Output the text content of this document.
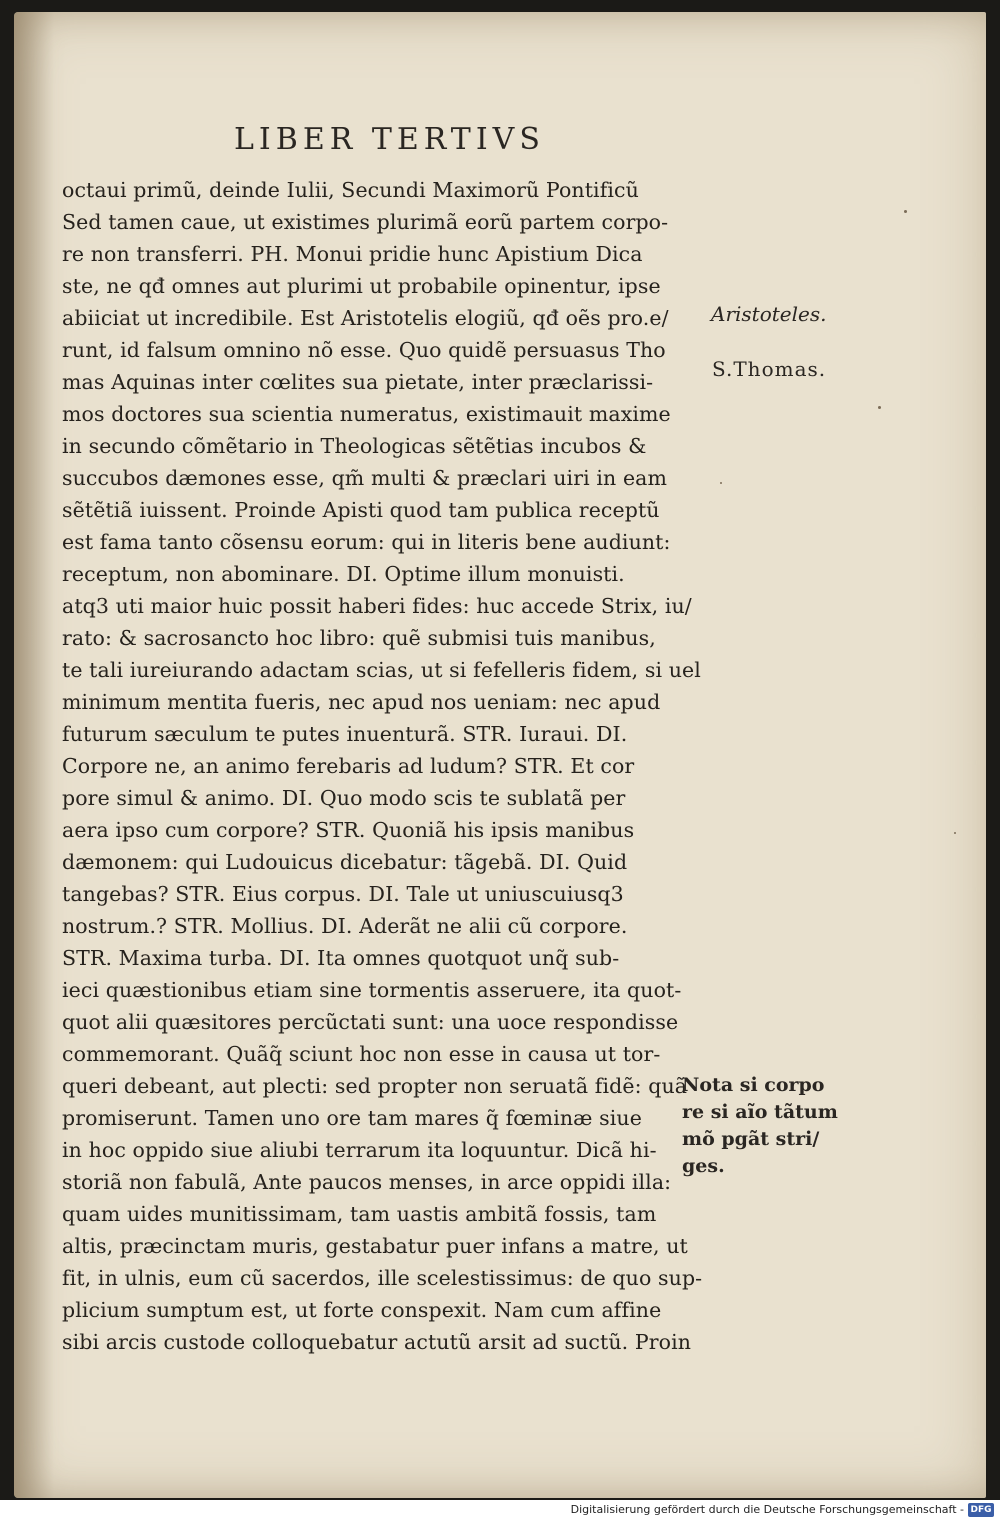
LIBER TERTIVS
octaui primũ, deinde Iulii, Secundi Maximorũ Pontificũ
Sed tamen caue, ut existimes plurimã eorũ partem corpo-
re non transferri. PH. Monui pridie hunc Apistium Dica
ste, ne qđ omnes aut plurimi ut probabile opinentur, ipse
abiiciat ut incredibile. Est Aristotelis elogiũ, qđ oẽs pro.e/
runt, id falsum omnino nõ esse. Quo quidẽ persuasus Tho
mas Aquinas inter cœlites sua pietate, inter præclarissi-
mos doctores sua scientia numeratus, existimauit maxime
in secundo cõmẽtario in Theologicas sẽtẽtias incubos &
succubos dæmones esse, qm̃ multi & præclari uiri in eam
sẽtẽtiã iuissent. Proinde Apisti quod tam publica receptũ
est fama tanto cõsensu eorum: qui in literis bene audiunt:
receptum, non abominare. DI. Optime illum monuisti.
atq3 uti maior huic possit haberi fides: huc accede Strix, iu/
rato: & sacrosancto hoc libro: quẽ submisi tuis manibus,
te tali iureiurando adactam scias, ut si fefelleris fidem, si uel
minimum mentita fueris, nec apud nos ueniam: nec apud
futurum sæculum te putes inuenturã. STR. Iuraui. DI.
Corpore ne, an animo ferebaris ad ludum? STR. Et cor
pore simul & animo. DI. Quo modo scis te sublatã per
aera ipso cum corpore? STR. Quoniã his ipsis manibus
dæmonem: qui Ludouicus dicebatur: tãgebã. DI. Quid
tangebas? STR. Eius corpus. DI. Tale ut uniuscuiusq3
nostrum.? STR. Mollius. DI. Aderãt ne alii cũ corpore.
STR. Maxima turba. DI. Ita omnes quotquot unq̃ sub-
ieci quæstionibus etiam sine tormentis asseruere, ita quot-
quot alii quæsitores percũctati sunt: una uoce respondisse
commemorant. Quãq̃ sciunt hoc non esse in causa ut tor-
queri debeant, aut plecti: sed propter non seruatã fidẽ: quã
promiserunt. Tamen uno ore tam mares q̃ fœminæ siue
in hoc oppido siue aliubi terrarum ita loquuntur. Dicã hi-
storiã non fabulã, Ante paucos menses, in arce oppidi illa:
quam uides munitissimam, tam uastis ambitã fossis, tam
altis, præcinctam muris, gestabatur puer infans a matre, ut
fit, in ulnis, eum cũ sacerdos, ille scelestissimus: de quo sup-
plicium sumptum est, ut forte conspexit. Nam cum affine
sibi arcis custode colloquebatur actutũ arsit ad suctũ. Proin
Aristoteles.
S.Thomas.
Nota si corpo
re si aĩo tãtum
mõ pgãt stri/
ges.
Digitalisierung gefördert durch die Deutsche Forschungsgemeinschaft - DFG
